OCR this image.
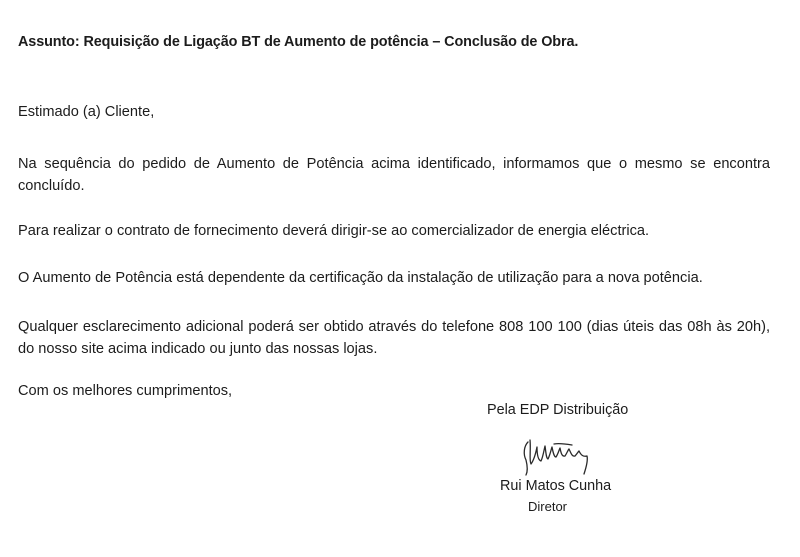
Assunto: Requisição de Ligação BT de Aumento de potência – Conclusão de Obra.

Estimado (a) Cliente,

Na sequência do pedido de Aumento de Potência acima identificado, informamos que o mesmo se encontra concluído.

Para realizar o contrato de fornecimento deverá dirigir-se ao comercializador de energia eléctrica.

O Aumento de Potência está dependente da certificação da instalação de utilização para a nova potência.

Qualquer esclarecimento adicional poderá ser obtido através do telefone 808 100 100 (dias úteis das 08h às 20h), do nosso site acima indicado ou junto das nossas lojas.

Com os melhores cumprimentos,

Pela EDP Distribuição
Rui Matos Cunha
Diretor
